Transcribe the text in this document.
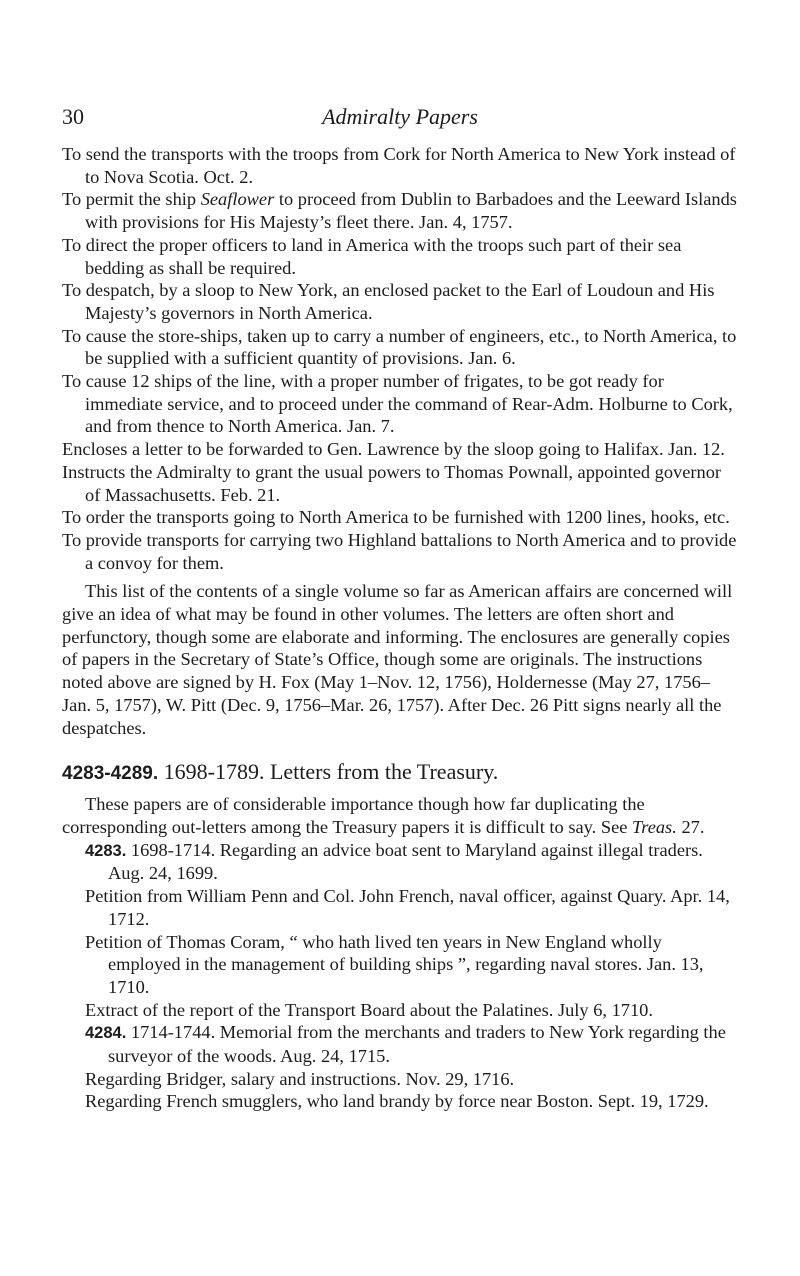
30	Admiralty Papers

To send the transports with the troops from Cork for North America to New York instead of to Nova Scotia. Oct. 2.

To permit the ship Seaflower to proceed from Dublin to Barbadoes and the Leeward Islands with provisions for His Majesty’s fleet there. Jan. 4, 1757.

To direct the proper officers to land in America with the troops such part of their sea bedding as shall be required.

To despatch, by a sloop to New York, an enclosed packet to the Earl of Loudoun and His Majesty’s governors in North America.

To cause the store-ships, taken up to carry a number of engineers, etc., to North America, to be supplied with a sufficient quantity of provisions. Jan. 6.

To cause 12 ships of the line, with a proper number of frigates, to be got ready for immediate service, and to proceed under the command of Rear-Adm. Holburne to Cork, and from thence to North America. Jan. 7.

Encloses a letter to be forwarded to Gen. Lawrence by the sloop going to Halifax. Jan. 12.

Instructs the Admiralty to grant the usual powers to Thomas Pownall, appointed governor of Massachusetts. Feb. 21.

To order the transports going to North America to be furnished with 1200 lines, hooks, etc.

To provide transports for carrying two Highland battalions to North America and to provide a convoy for them.

This list of the contents of a single volume so far as American affairs are concerned will give an idea of what may be found in other volumes. The letters are often short and perfunctory, though some are elaborate and informing. The enclosures are generally copies of papers in the Secretary of State’s Office, though some are originals. The instructions noted above are signed by H. Fox (May 1–Nov. 12, 1756), Holdernesse (May 27, 1756–Jan. 5, 1757), W. Pitt (Dec. 9, 1756–Mar. 26, 1757). After Dec. 26 Pitt signs nearly all the despatches.

4283-4289. 1698-1789. Letters from the Treasury.

These papers are of considerable importance though how far duplicating the corresponding out-letters among the Treasury papers it is difficult to say. See Treas. 27.

4283. 1698-1714. Regarding an advice boat sent to Maryland against illegal traders. Aug. 24, 1699.

Petition from William Penn and Col. John French, naval officer, against Quary. Apr. 14, 1712.

Petition of Thomas Coram, “ who hath lived ten years in New England wholly employed in the management of building ships ”, regarding naval stores. Jan. 13, 1710.

Extract of the report of the Transport Board about the Palatines. July 6, 1710.

4284. 1714-1744. Memorial from the merchants and traders to New York regarding the surveyor of the woods. Aug. 24, 1715.

Regarding Bridger, salary and instructions. Nov. 29, 1716.

Regarding French smugglers, who land brandy by force near Boston. Sept. 19, 1729.
